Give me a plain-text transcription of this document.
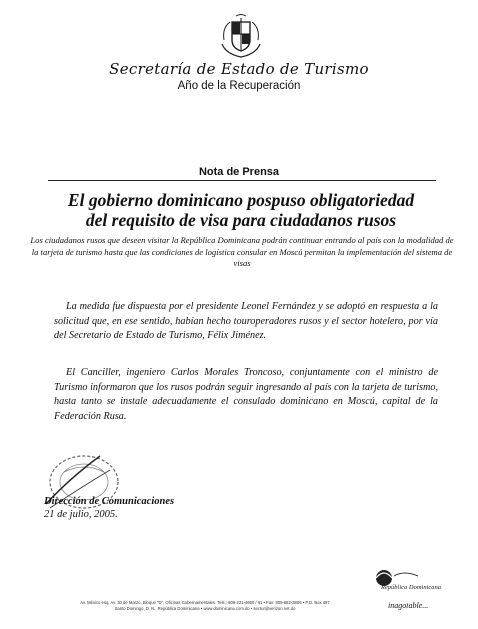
Secretaría de Estado de Turismo
Año de la Recuperación
Nota de Prensa
El gobierno dominicano pospuso obligatoriedad
del requisito de visa para ciudadanos rusos
Los ciudadanos rusos que deseen visitar la República Dominicana podrán continuar entrando al país con la modalidad de la tarjeta de turismo hasta que las condiciones de logística consular en Moscú permitan la implementación del sistema de visas
La medida fue dispuesta por el presidente Leonel Fernández y se adoptó en respuesta a la solicitud que, en ese sentido, habían hecho touroperadores rusos y el sector hotelero, por vía del Secretario de Estado de Turismo, Félix Jiménez.
El Canciller, ingeniero Carlos Morales Troncoso, conjuntamente con el ministro de Turismo informaron que los rusos podrán seguir ingresando al país con la tarjeta de turismo, hasta tanto se instale adecuadamente el consulado dominicano en Moscú, capital de la Federación Rusa.
Dirección de Comunicaciones
21 de julio, 2005.
Av. México esq. Av. 30 de Marzo, Bloque "D", Oficinas Gubernamentales. Tels.: 809-221-4660 / 61 • Fax: 809-682-3806 • P.O. Box 497
Santo Domingo, D. N., República Dominicana • www.dominicana.com.do • sectur@verizon.net.do
República Dominicana
inagotable...
